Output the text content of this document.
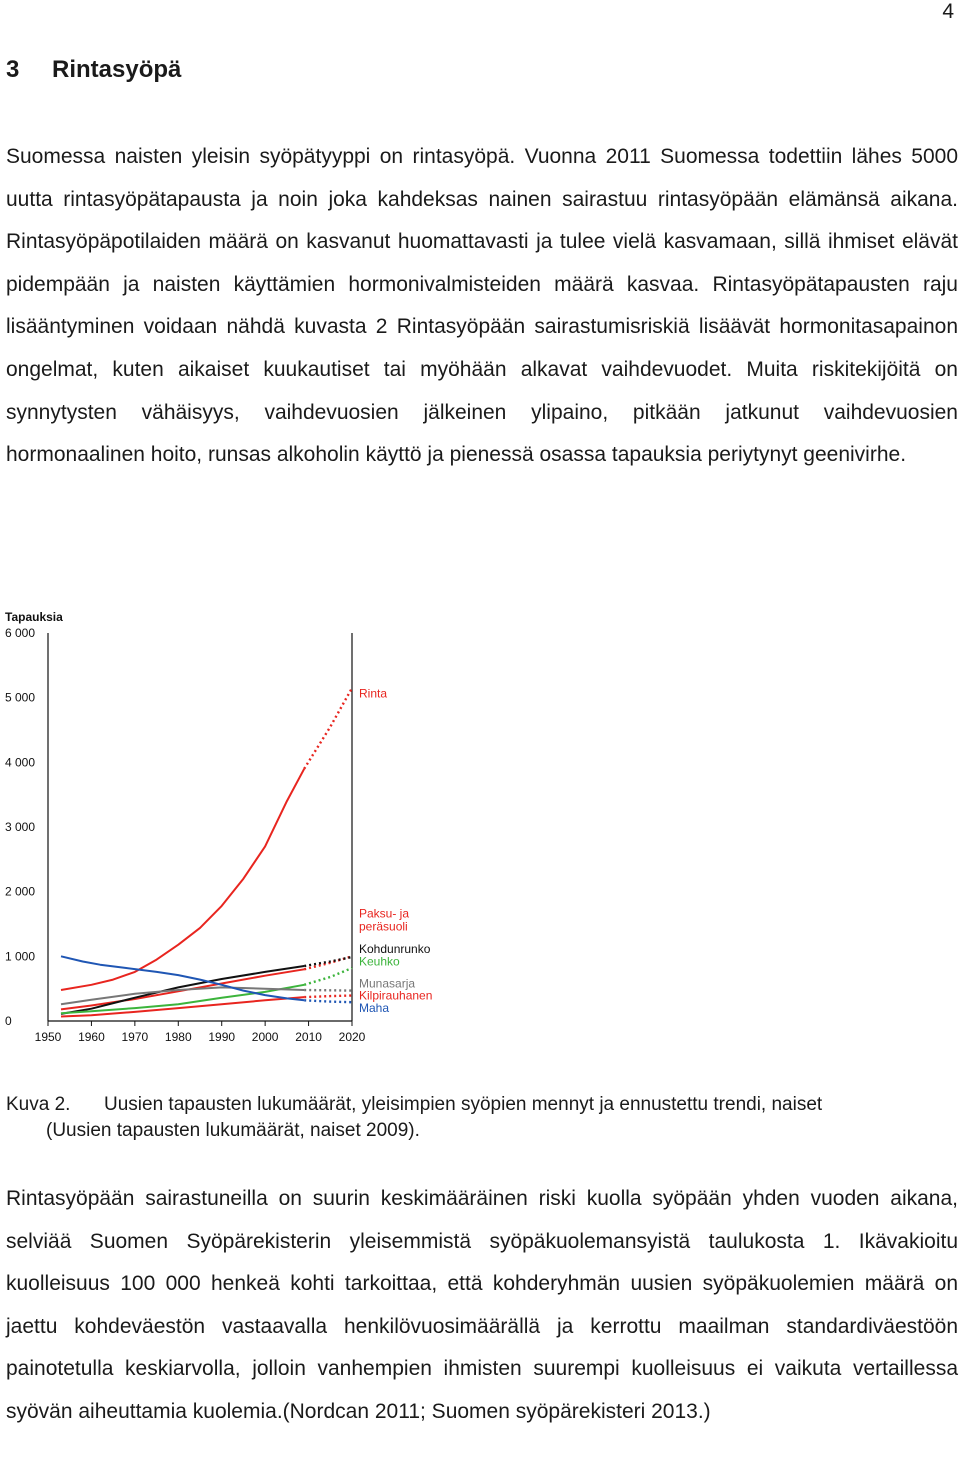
4
3 Rintasyöpä

Suomessa naisten yleisin syöpätyyppi on rintasyöpä. Vuonna 2011 Suomessa todettiin lähes 5000 uutta rintasyöpätapausta ja noin joka kahdeksas nainen sairastuu rintasyöpään elämänsä aikana. Rintasyöpäpotilaiden määrä on kasvanut huomattavasti ja tulee vielä kasvamaan, sillä ihmiset elävät pidempään ja naisten käyttämien hormonivalmisteiden määrä kasvaa. Rintasyöpätapausten raju lisääntyminen voidaan nähdä kuvasta 2 Rintasyöpään sairastumisriskiä lisäävät hormonitasapainon ongelmat, kuten aikaiset kuukautiset tai myöhään alkavat vaihdevuodet. Muita riskitekijöitä on synnytysten vähäisyys, vaihdevuosien jälkeinen ylipaino, pitkään jatkunut vaihdevuosien hormonaalinen hoito, runsas alkoholin käyttö ja pienessä osassa tapauksia periytynyt geenivirhe.

Tapauksia
0
1 000
2 000
3 000
4 000
5 000
6 000
1950 1960 1970 1980 1990 2000 2010 2020
Rinta
Paksu- ja peräsuoli
Kohdunrunko
Keuhko
Munasarja
Kilpirauhanen
Maha
Kuva 2. Uusien tapausten lukumäärät, yleisimpien syöpien mennyt ja ennustettu trendi, naiset
(Uusien tapausten lukumäärät, naiset 2009).

Rintasyöpään sairastuneilla on suurin keskimääräinen riski kuolla syöpään yhden vuoden aikana, selviää Suomen Syöpärekisterin yleisemmistä syöpäkuolemansyistä taulukosta 1. Ikävakioitu kuolleisuus 100 000 henkeä kohti tarkoittaa, että kohderyhmän uusien syöpäkuolemien määrä on jaettu kohdeväestön vastaavalla henkilövuosimäärällä ja kerrottu maailman standardiväestöön painotetulla keskiarvolla, jolloin vanhempien ihmisten suurempi kuolleisuus ei vaikuta vertaillessa syövän aiheuttamia kuolemia.(Nordcan 2011; Suomen syöpärekisteri 2013.)
